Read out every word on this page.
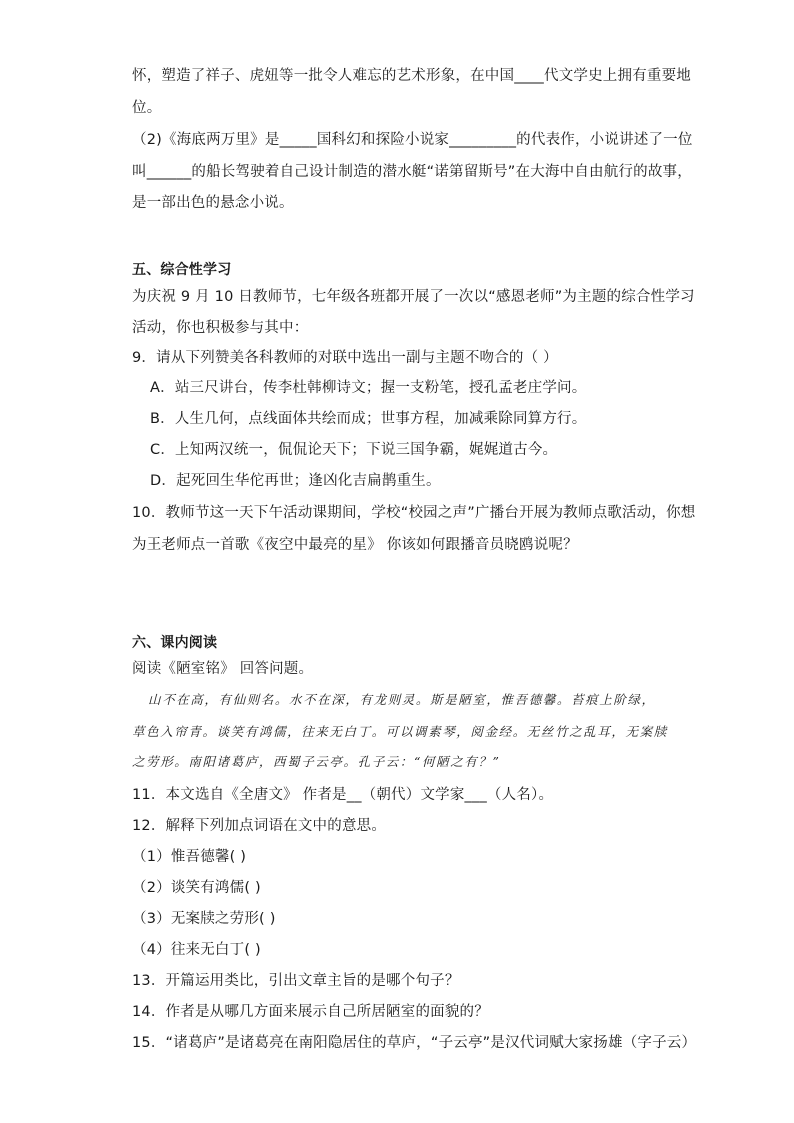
怀，塑造了祥子、虎妞等一批令人难忘的艺术形象，在中国____代文学史上拥有重要地
位。
（2)《海底两万里》是_____国科幻和探险小说家_________的代表作，小说讲述了一位
叫______的船长驾驶着自己设计制造的潜水艇“诺第留斯号”在大海中自由航行的故事，
是一部出色的悬念小说。
五、综合性学习
为庆祝 9 月 10 日教师节，七年级各班都开展了一次以“感恩老师”为主题的综合性学习
活动，你也积极参与其中：
9．请从下列赞美各科教师的对联中选出一副与主题不吻合的（ ）
A．站三尺讲台，传李杜韩柳诗文；握一支粉笔，授孔孟老庄学问。
B．人生几何，点线面体共绘而成；世事方程，加减乘除同算方行。
C．上知两汉统一，侃侃论天下；下说三国争霸，娓娓道古今。
D．起死回生华佗再世；逢凶化吉扁鹊重生。
10．教师节这一天下午活动课期间，学校“校园之声”广播台开展为教师点歌活动，你想
为王老师点一首歌《夜空中最亮的星》 你该如何跟播音员晓鸥说呢？
六、课内阅读
阅读《陋室铭》 回答问题。
山不在高，有仙则名。水不在深，有龙则灵。斯是陋室，惟吾德馨。苔痕上阶绿，
草色入帘青。谈笑有鸿儒，往来无白丁。可以调素琴，阅金经。无丝竹之乱耳，无案牍
之劳形。南阳诸葛庐，西蜀子云亭。孔子云：“何陋之有？”
11．本文选自《全唐文》 作者是__（朝代）文学家___（人名）。
12．解释下列加点词语在文中的意思。
（1）惟吾德馨( )
（2）谈笑有鸿儒( )
（3）无案牍之劳形( )
（4）往来无白丁( )
13．开篇运用类比，引出文章主旨的是哪个句子？
14．作者是从哪几方面来展示自己所居陋室的面貌的？
15．“诸葛庐”是诸葛亮在南阳隐居住的草庐，“子云亭”是汉代词赋大家扬雄（字子云）
